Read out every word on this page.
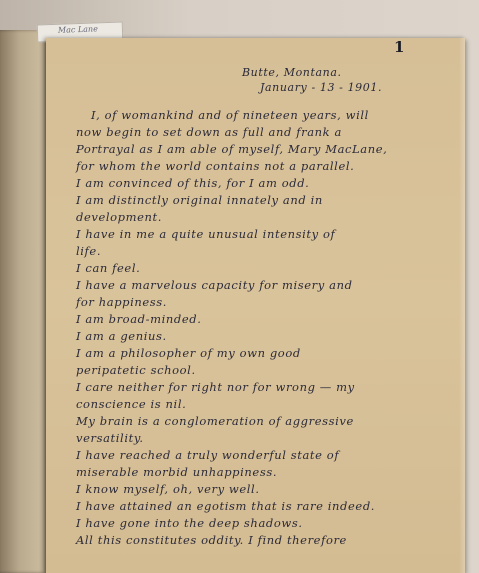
Mac Lane
1
Butte, Montana.
January - 13 - 1901.
I, of womankind and of nineteen years, will
now begin to set down as full and frank a
Portrayal as I am able of myself, Mary MacLane,
for whom the world contains not a parallel.
I am convinced of this, for I am odd.
I am distinctly original innately and in
development.
I have in me a quite unusual intensity of
life.
I can feel.
I have a marvelous capacity for misery and
for happiness.
I am broad-minded.
I am a genius.
I am a philosopher of my own good
peripatetic school.
I care neither for right nor for wrong — my
conscience is nil.
My brain is a conglomeration of aggressive
versatility.
I have reached a truly wonderful state of
miserable morbid unhappiness.
I know myself, oh, very well.
I have attained an egotism that is rare indeed.
I have gone into the deep shadows.
All this constitutes oddity. I find therefore
